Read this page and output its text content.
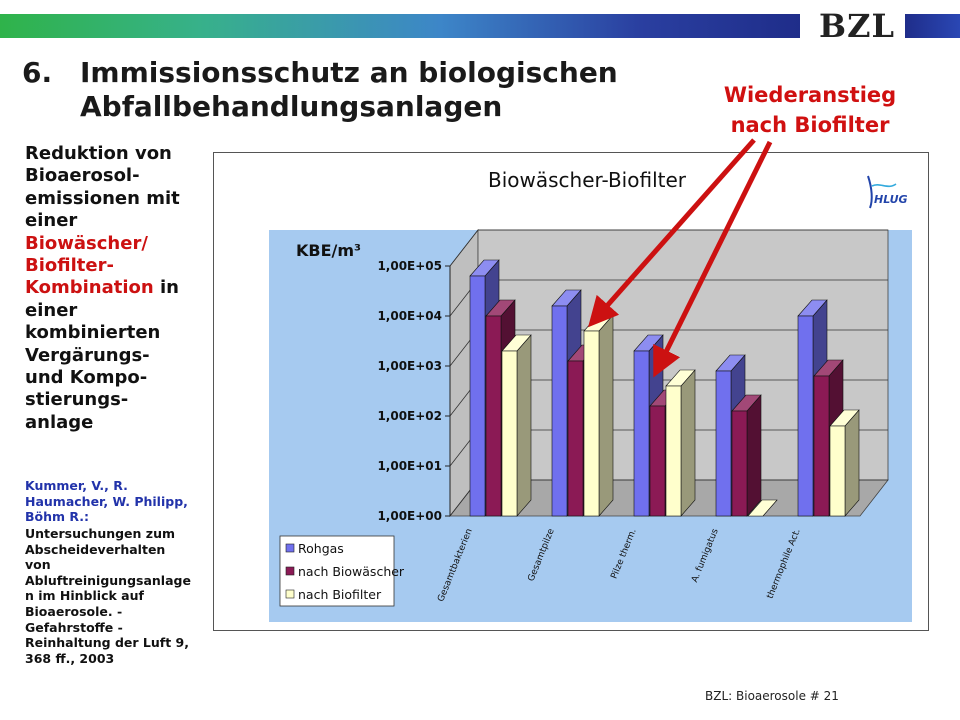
BZL
6. Immissionsschutz an biologischen
Abfallbehandlungsanlagen	Wiederanstieg
nach Biofilter
Reduktion von
Bioaerosol-
emissionen mit
einer
Biowäscher/
Biofilter-
Kombination in
einer
kombinierten
Vergärungs-
und Kompo-
stierungs-
anlage
Kummer, V., R.
Haumacher, W. Philipp,
Böhm R.:
Untersuchungen zum
Abscheideverhalten
von
Abluftreinigungsanlage
n im Hinblick auf
Bioaerosole. -
Gefahrstoffe -
Reinhaltung der Luft 9,
368 ff., 2003
1,00E+00
1,00E+01
1,00E+02
1,00E+03
1,00E+04
1,00E+05
Gesamtbakterien	Gesamtpilze	Pilze therm.	A. fumigatus	thermophile Act.
Biowäscher-Biofilter
KBE/m³
HLUG
Rohgas
nach Biowäscher
nach Biofilter
BZL: Bioaerosole # 21
